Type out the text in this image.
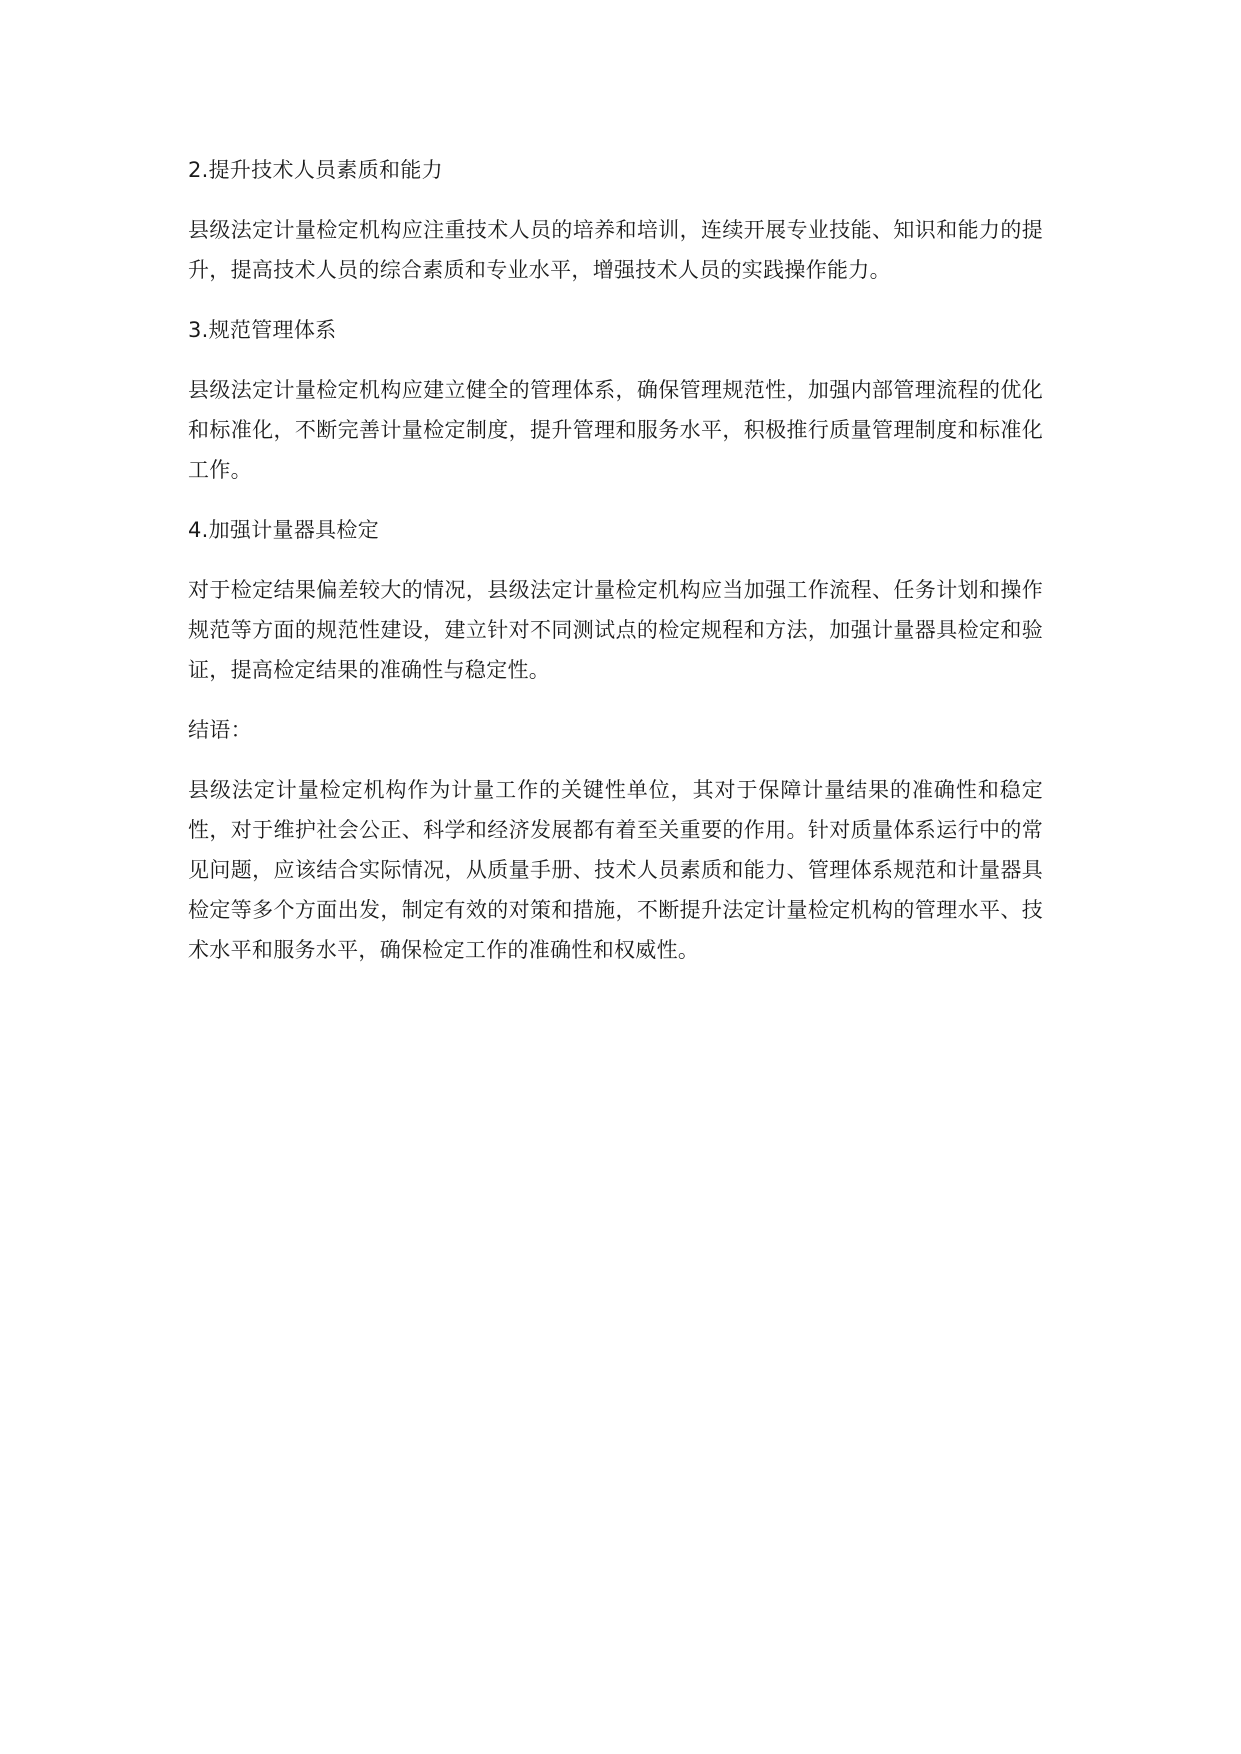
2.提升技术人员素质和能力
县级法定计量检定机构应注重技术人员的培养和培训，连续开展专业技能、知识和能力的提升，提高技术人员的综合素质和专业水平，增强技术人员的实践操作能力。
3.规范管理体系
县级法定计量检定机构应建立健全的管理体系，确保管理规范性，加强内部管理流程的优化和标准化，不断完善计量检定制度，提升管理和服务水平，积极推行质量管理制度和标准化工作。
4.加强计量器具检定
对于检定结果偏差较大的情况，县级法定计量检定机构应当加强工作流程、任务计划和操作规范等方面的规范性建设，建立针对不同测试点的检定规程和方法，加强计量器具检定和验证，提高检定结果的准确性与稳定性。
结语：
县级法定计量检定机构作为计量工作的关键性单位，其对于保障计量结果的准确性和稳定性，对于维护社会公正、科学和经济发展都有着至关重要的作用。针对质量体系运行中的常见问题，应该结合实际情况，从质量手册、技术人员素质和能力、管理体系规范和计量器具检定等多个方面出发，制定有效的对策和措施，不断提升法定计量检定机构的管理水平、技术水平和服务水平，确保检定工作的准确性和权威性。
